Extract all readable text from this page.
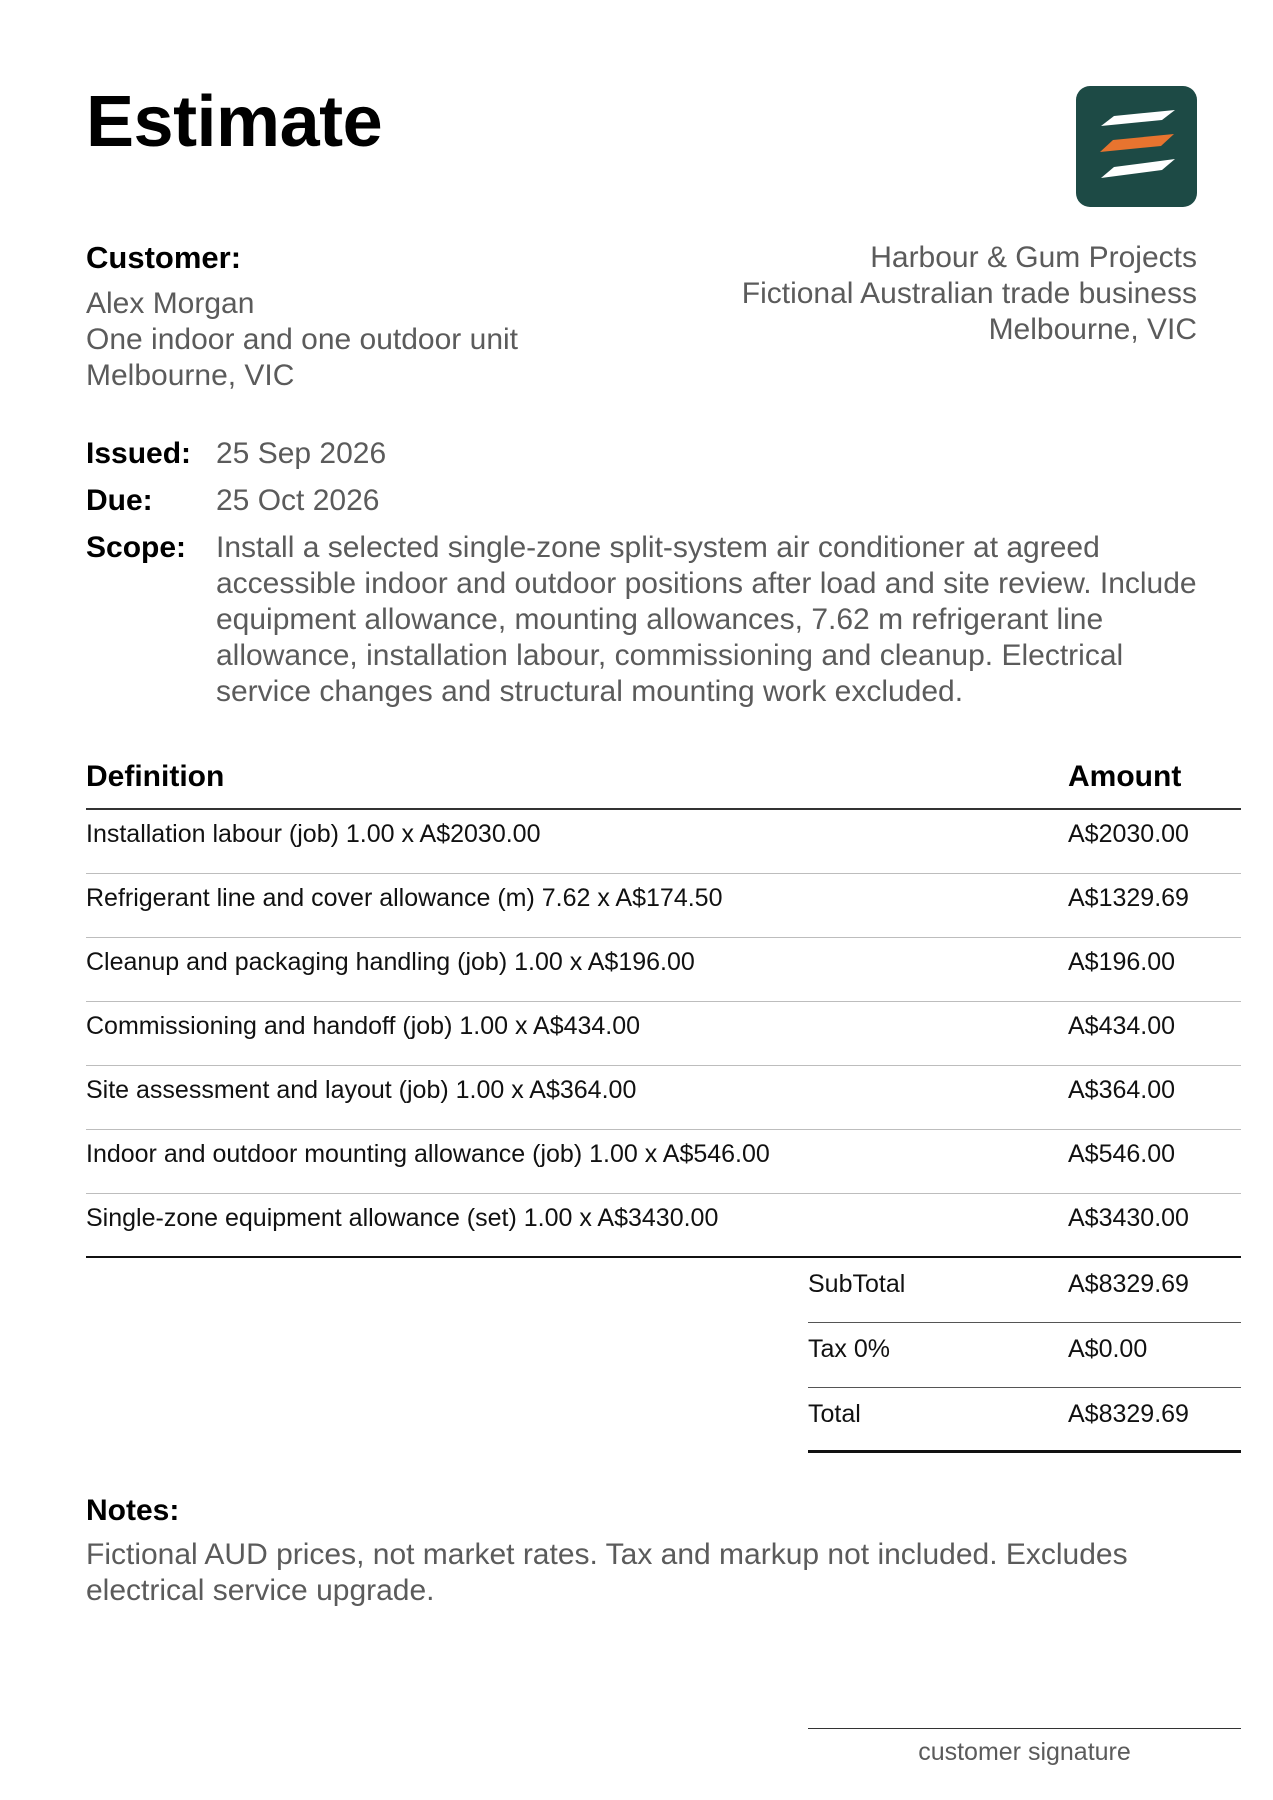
Estimate
Customer:
Alex Morgan
One indoor and one outdoor unit
Melbourne, VIC
Harbour & Gum Projects
Fictional Australian trade business
Melbourne, VIC
Issued: 25 Sep 2026
Due:	25 Oct 2026
Scope: Install a selected single-zone split-system air conditioner at agreed accessible indoor and outdoor positions after load and site review. Include equipment allowance, mounting allowances, 7.62 m refrigerant line allowance, installation labour, commissioning and cleanup. Electrical service changes and structural mounting work excluded.
Definition	Amount
Installation labour (job) 1.00 x A$2030.00	A$2030.00
Refrigerant line and cover allowance (m) 7.62 x A$174.50	A$1329.69
Cleanup and packaging handling (job) 1.00 x A$196.00	A$196.00
Commissioning and handoff (job) 1.00 x A$434.00	A$434.00
Site assessment and layout (job) 1.00 x A$364.00	A$364.00
Indoor and outdoor mounting allowance (job) 1.00 x A$546.00	A$546.00
Single-zone equipment allowance (set) 1.00 x A$3430.00	A$3430.00
SubTotal	A$8329.69
Tax 0%	A$0.00
Total	A$8329.69
Notes:
Fictional AUD prices, not market rates. Tax and markup not included. Excludes electrical service upgrade.
customer signature
